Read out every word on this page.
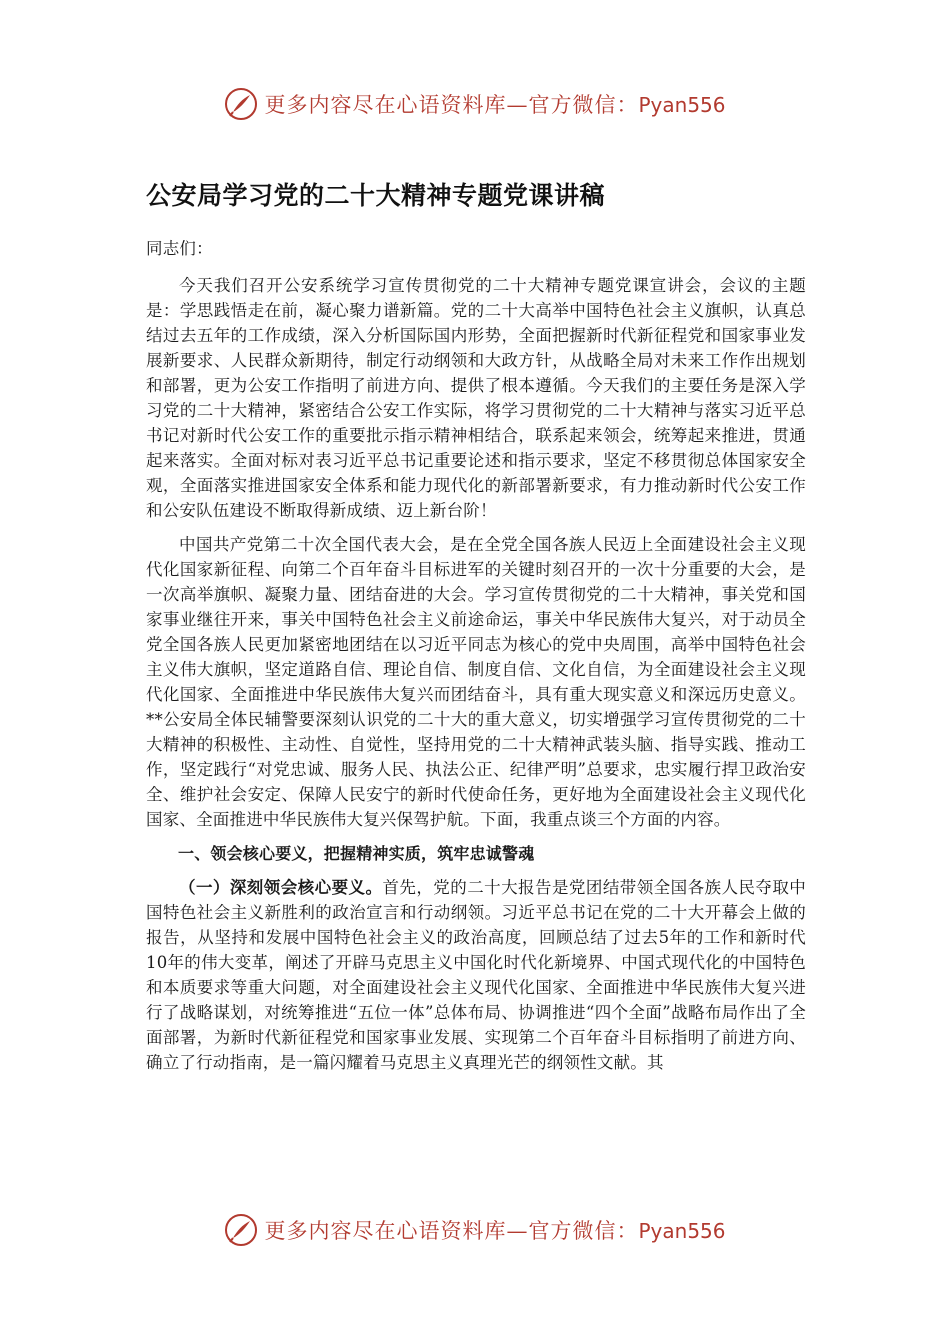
更多内容尽在心语资料库—官方微信：Pyan556
公安局学习党的二十大精神专题党课讲稿

同志们：

今天我们召开公安系统学习宣传贯彻党的二十大精神专题党课宣讲会，会议的主题是：学思践悟走在前，凝心聚力谱新篇。党的二十大高举中国特色社会主义旗帜，认真总结过去五年的工作成绩，深入分析国际国内形势，全面把握新时代新征程党和国家事业发展新要求、人民群众新期待，制定行动纲领和大政方针，从战略全局对未来工作作出规划和部署，更为公安工作指明了前进方向、提供了根本遵循。今天我们的主要任务是深入学习党的二十大精神，紧密结合公安工作实际，将学习贯彻党的二十大精神与落实习近平总书记对新时代公安工作的重要批示指示精神相结合，联系起来领会，统筹起来推进，贯通起来落实。全面对标对表习近平总书记重要论述和指示要求，坚定不移贯彻总体国家安全观，全面落实推进国家安全体系和能力现代化的新部署新要求，有力推动新时代公安工作和公安队伍建设不断取得新成绩、迈上新台阶！

中国共产党第二十次全国代表大会，是在全党全国各族人民迈上全面建设社会主义现代化国家新征程、向第二个百年奋斗目标进军的关键时刻召开的一次十分重要的大会，是一次高举旗帜、凝聚力量、团结奋进的大会。学习宣传贯彻党的二十大精神，事关党和国家事业继往开来，事关中国特色社会主义前途命运，事关中华民族伟大复兴，对于动员全党全国各族人民更加紧密地团结在以习近平同志为核心的党中央周围，高举中国特色社会主义伟大旗帜，坚定道路自信、理论自信、制度自信、文化自信，为全面建设社会主义现代化国家、全面推进中华民族伟大复兴而团结奋斗，具有重大现实意义和深远历史意义。**公安局全体民辅警要深刻认识党的二十大的重大意义，切实增强学习宣传贯彻党的二十大精神的积极性、主动性、自觉性，坚持用党的二十大精神武装头脑、指导实践、推动工作，坚定践行“对党忠诚、服务人民、执法公正、纪律严明”总要求，忠实履行捍卫政治安全、维护社会安定、保障人民安宁的新时代使命任务，更好地为全面建设社会主义现代化国家、全面推进中华民族伟大复兴保驾护航。下面，我重点谈三个方面的内容。

一、领会核心要义，把握精神实质，筑牢忠诚警魂

（一）深刻领会核心要义。首先，党的二十大报告是党团结带领全国各族人民夺取中国特色社会主义新胜利的政治宣言和行动纲领。习近平总书记在党的二十大开幕会上做的报告，从坚持和发展中国特色社会主义的政治高度，回顾总结了过去5年的工作和新时代10年的伟大变革，阐述了开辟马克思主义中国化时代化新境界、中国式现代化的中国特色和本质要求等重大问题，对全面建设社会主义现代化国家、全面推进中华民族伟大复兴进行了战略谋划，对统筹推进“五位一体”总体布局、协调推进“四个全面”战略布局作出了全面部署，为新时代新征程党和国家事业发展、实现第二个百年奋斗目标指明了前进方向、确立了行动指南，是一篇闪耀着马克思主义真理光芒的纲领性文献。其

更多内容尽在心语资料库—官方微信：Pyan556
